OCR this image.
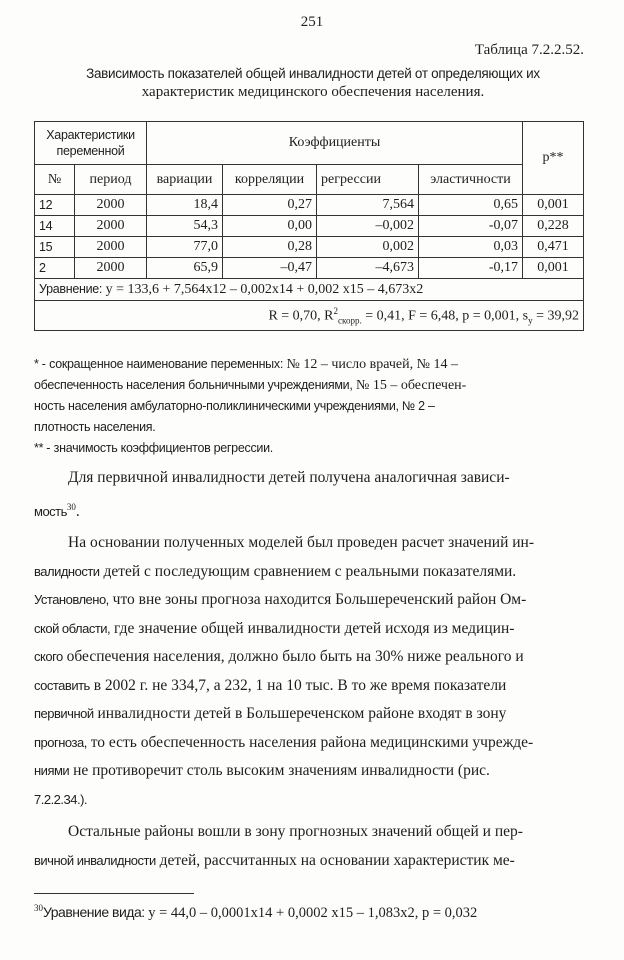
251
Таблица 7.2.2.52.
Зависимость показателей общей инвалидности детей от определяющих их
характеристик медицинского обеспечения населения.
Характеристики переменной		Коэффициенты				p**
№	период	вариации	корреляции	регрессии	эластичности	
12	2000	18,4	0,27	7,564	0,65	0,001
14	2000	54,3	0,00	–0,002	-0,07	0,228
15	2000	77,0	0,28	0,002	0,03	0,471
2	2000	65,9	–0,47	–4,673	-0,17	0,001
Уравнение: y = 133,6 + 7,564x12 – 0,002x14 + 0,002 x15 – 4,673x2						
R = 0,70, $R^2_{скорр.} = 0,41$, F = 6,48, p = 0,001, $s_y = 39,92$						
* - сокращенное наименование переменных: № 12 – число врачей, № 14 –
обеспеченность населения больничными учреждениями, № 15 – обеспечен-
ность населения амбулаторно-поликлиническими учреждениями, № 2 –
плотность населения.
** - значимость коэффициентов регрессии.
Для первичной инвалидности детей получена аналогичная зависи-
мость$^{30}$.
На основании полученных моделей был проведен расчет значений ин-
валидности детей с последующим сравнением с реальными показателями.
Установлено, что вне зоны прогноза находится Большереченский район Ом-
ской области, где значение общей инвалидности детей исходя из медицин-
ского обеспечения населения, должно было быть на 30% ниже реального и
составить в 2002 г. не 334,7, а 232, 1 на 10 тыс. В то же время показатели
первичной инвалидности детей в Большереченском районе входят в зону
прогноза, то есть обеспеченность населения района медицинскими учрежде-
ниями не противоречит столь высоким значениям инвалидности (рис.
7.2.2.34.).
Остальные районы вошли в зону прогнозных значений общей и пер-
вичной инвалидности детей, рассчитанных на основании характеристик ме-
$^{30}$Уравнение вида: y = 44,0 – 0,0001x14 + 0,0002 x15 – 1,083x2, p = 0,032
